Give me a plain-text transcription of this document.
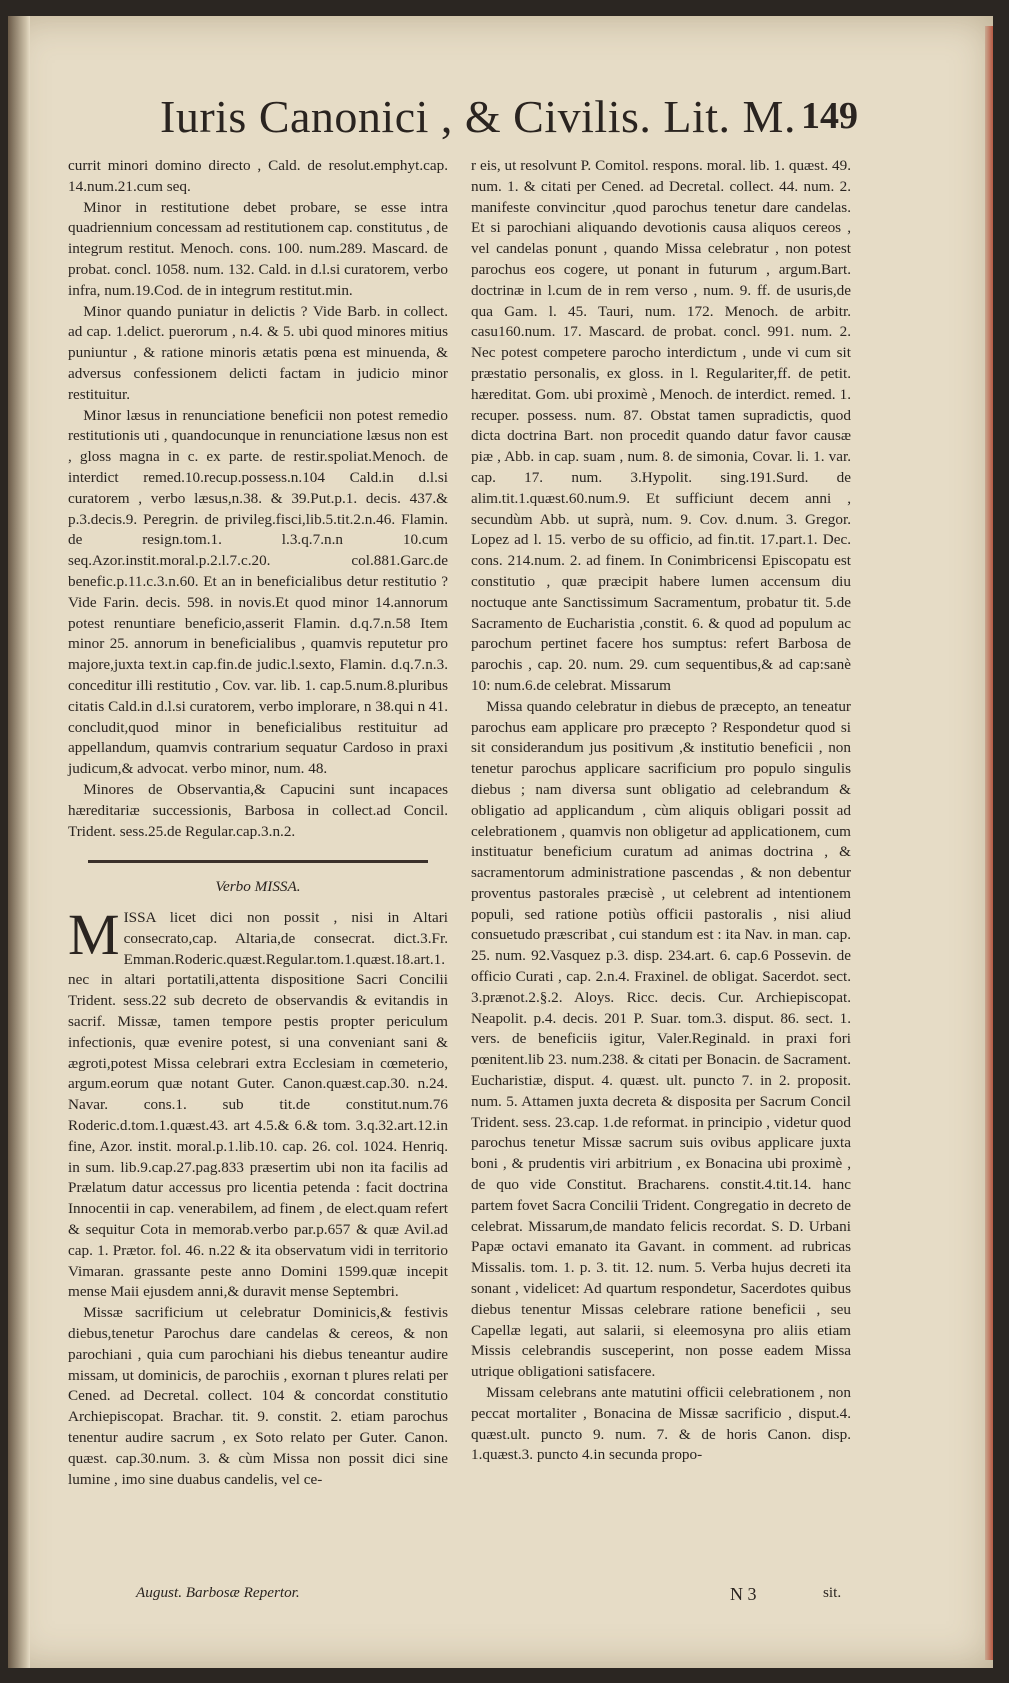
Iuris Canonici , & Civilis. Lit. M. 149

currit minori domino directo , Cald. de resolut.emphyt.cap. 14.num.21.cum seq.

Minor in restitutione debet probare, se esse intra quadriennium concessam ad restitutionem cap. constitutus , de integrum restitut. Menoch. cons. 100. num.289. Mascard. de probat. concl. 1058. num. 132. Cald. in d.l.si curatorem, verbo infra, num.19.Cod. de in integrum restitut.min.

Minor quando puniatur in delictis ? Vide Barb. in collect. ad cap. 1.delict. puerorum , n.4. & 5. ubi quod minores mitius puniuntur , & ratione minoris ætatis pœna est minuenda, & adversus confessionem delicti factam in judicio minor restituitur.

Minor læsus in renunciatione beneficii non potest remedio restitutionis uti , quandocunque in renunciatione læsus non est , gloss magna in c. ex parte. de restir.spoliat.Menoch. de interdict remed.10.recup.possess.n.104 Cald.in d.l.si curatorem , verbo læsus,n.38. & 39.Put.p.1. decis. 437.& p.3.decis.9. Peregrin. de privileg.fisci,lib.5.tit.2.n.46. Flamin. de resign.tom.1. l.3.q.7.n.n 10.cum seq.Azor.instit.moral.p.2.l.7.c.20. col.881.Garc.de benefic.p.11.c.3.n.60. Et an in beneficialibus detur restitutio ? Vide Farin. decis. 598. in novis.Et quod minor 14.annorum potest renuntiare beneficio,asserit Flamin. d.q.7.n.58 Item minor 25. annorum in beneficialibus , quamvis reputetur pro majore,juxta text.in cap.fin.de judic.l.sexto, Flamin. d.q.7.n.3. conceditur illi restitutio , Cov. var. lib. 1. cap.5.num.8.pluribus citatis Cald.in d.l.si curatorem, verbo implorare, n 38.qui n 41. concludit,quod minor in beneficialibus restituitur ad appellandum, quamvis contrarium sequatur Cardoso in praxi judicum,& advocat. verbo minor, num. 48.

Minores de Observantia,& Capucini sunt incapaces hæreditariæ successionis, Barbosa in collect.ad Concil. Trident. sess.25.de Regular.cap.3.n.2.

Verbo MISSA.

MISSA licet dici non possit , nisi in Altari consecrato,cap. Altaria,de consecrat. dict.3.Fr. Emman.Roderic.quæst.Regular.tom.1.quæst.18.art.1. nec in altari portatili,attenta dispositione Sacri Concilii Trident. sess.22 sub decreto de observandis & evitandis in sacrif. Missæ, tamen tempore pestis propter periculum infectionis, quæ evenire potest, si una conveniant sani & ægroti,potest Missa celebrari extra Ecclesiam in cœmeterio, argum.eorum quæ notant Guter. Canon.quæst.cap.30. n.24. Navar. cons.1. sub tit.de constitut.num.76 Roderic.d.tom.1.quæst.43. art 4.5.& 6.& tom. 3.q.32.art.12.in fine, Azor. instit. moral.p.1.lib.10. cap. 26. col. 1024. Henriq. in sum. lib.9.cap.27.pag.833 præsertim ubi non ita facilis ad Prælatum datur accessus pro licentia petenda : facit doctrina Innocentii in cap. venerabilem, ad finem , de elect.quam refert & sequitur Cota in memorab.verbo par.p.657 & quæ Avil.ad cap. 1. Prætor. fol. 46. n.22 & ita observatum vidi in territorio Vimaran. grassante peste anno Domini 1599.quæ incepit mense Maii ejusdem anni,& duravit mense Septembri.

Missæ sacrificium ut celebratur Dominicis,& festivis diebus,tenetur Parochus dare candelas & cereos, & non parochiani , quia cum parochiani his diebus teneantur audire missam, ut dominicis, de parochiis , exornan t plures relati per Cened. ad Decretal. collect. 104 & concordat constitutio Archiepiscopat. Brachar. tit. 9. constit. 2. etiam parochus tenentur audire sacrum , ex Soto relato per Guter. Canon. quæst. cap.30.num. 3. & cùm Missa non possit dici sine lumine , imo sine duabus candelis, vel ce-

r eis, ut resolvunt P. Comitol. respons. moral. lib. 1. quæst. 49. num. 1. & citati per Cened. ad Decretal. collect. 44. num. 2. manifeste convincitur ,quod parochus tenetur dare candelas. Et si parochiani aliquando devotionis causa aliquos cereos , vel candelas ponunt , quando Missa celebratur , non potest parochus eos cogere, ut ponant in futurum , argum.Bart. doctrinæ in l.cum de in rem verso , num. 9. ff. de usuris,de qua Gam. l. 45. Tauri, num. 172. Menoch. de arbitr. casu160.num. 17. Mascard. de probat. concl. 991. num. 2. Nec potest competere parocho interdictum , unde vi cum sit præstatio personalis, ex gloss. in l. Regulariter,ff. de petit. hæreditat. Gom. ubi proximè , Menoch. de interdict. remed. 1. recuper. possess. num. 87. Obstat tamen supradictis, quod dicta doctrina Bart. non procedit quando datur favor causæ piæ , Abb. in cap. suam , num. 8. de simonia, Covar. li. 1. var. cap. 17. num. 3.Hypolit. sing.191.Surd. de alim.tit.1.quæst.60.num.9. Et sufficiunt decem anni , secundùm Abb. ut suprà, num. 9. Cov. d.num. 3. Gregor. Lopez ad l. 15. verbo de su officio, ad fin.tit. 17.part.1. Dec. cons. 214.num. 2. ad finem. In Conimbricensi Episcopatu est constitutio , quæ præcipit habere lumen accensum diu noctuque ante Sanctissimum Sacramentum, probatur tit. 5.de Sacramento de Eucharistia ,constit. 6. & quod ad populum ac parochum pertinet facere hos sumptus: refert Barbosa de parochis , cap. 20. num. 29. cum sequentibus,& ad cap:sanè 10: num.6.de celebrat. Missarum

Missa quando celebratur in diebus de præcepto, an teneatur parochus eam applicare pro præcepto ? Respondetur quod si sit considerandum jus positivum ,& institutio beneficii , non tenetur parochus applicare sacrificium pro populo singulis diebus ; nam diversa sunt obligatio ad celebrandum & obligatio ad applicandum , cùm aliquis obligari possit ad celebrationem , quamvis non obligetur ad applicationem, cum instituatur beneficium curatum ad animas doctrina , & sacramentorum administratione pascendas , & non debentur proventus pastorales præcisè , ut celebrent ad intentionem populi, sed ratione potiùs officii pastoralis , nisi aliud consuetudo præscribat , cui standum est : ita Nav. in man. cap. 25. num. 92.Vasquez p.3. disp. 234.art. 6. cap.6 Possevin. de officio Curati , cap. 2.n.4. Fraxinel. de obligat. Sacerdot. sect. 3.prænot.2.§.2. Aloys. Ricc. decis. Cur. Archiepiscopat. Neapolit. p.4. decis. 201 P. Suar. tom.3. disput. 86. sect. 1. vers. de beneficiis igitur, Valer.Reginald. in praxi fori pœnitent.lib 23. num.238. & citati per Bonacin. de Sacrament. Eucharistiæ, disput. 4. quæst. ult. puncto 7. in 2. proposit. num. 5. Attamen juxta decreta & disposita per Sacrum Concil Trident. sess. 23.cap. 1.de reformat. in principio , videtur quod parochus tenetur Missæ sacrum suis ovibus applicare juxta boni , & prudentis viri arbitrium , ex Bonacina ubi proximè , de quo vide Constitut. Bracharens. constit.4.tit.14. hanc partem fovet Sacra Concilii Trident. Congregatio in decreto de celebrat. Missarum,de mandato felicis recordat. S. D. Urbani Papæ octavi emanato ita Gavant. in comment. ad rubricas Missalis. tom. 1. p. 3. tit. 12. num. 5. Verba hujus decreti ita sonant , videlicet: Ad quartum respondetur, Sacerdotes quibus diebus tenentur Missas celebrare ratione beneficii , seu Capellæ legati, aut salarii, si eleemosyna pro aliis etiam Missis celebrandis susceperint, non posse eadem Missa utrique obligationi satisfacere.

Missam celebrans ante matutini officii celebrationem , non peccat mortaliter , Bonacina de Missæ sacrificio , disput.4. quæst.ult. puncto 9. num. 7. & de horis Canon. disp. 1.quæst.3. puncto 4.in secunda propo-

August. Barbosæ Repertor.	N 3	sit.
